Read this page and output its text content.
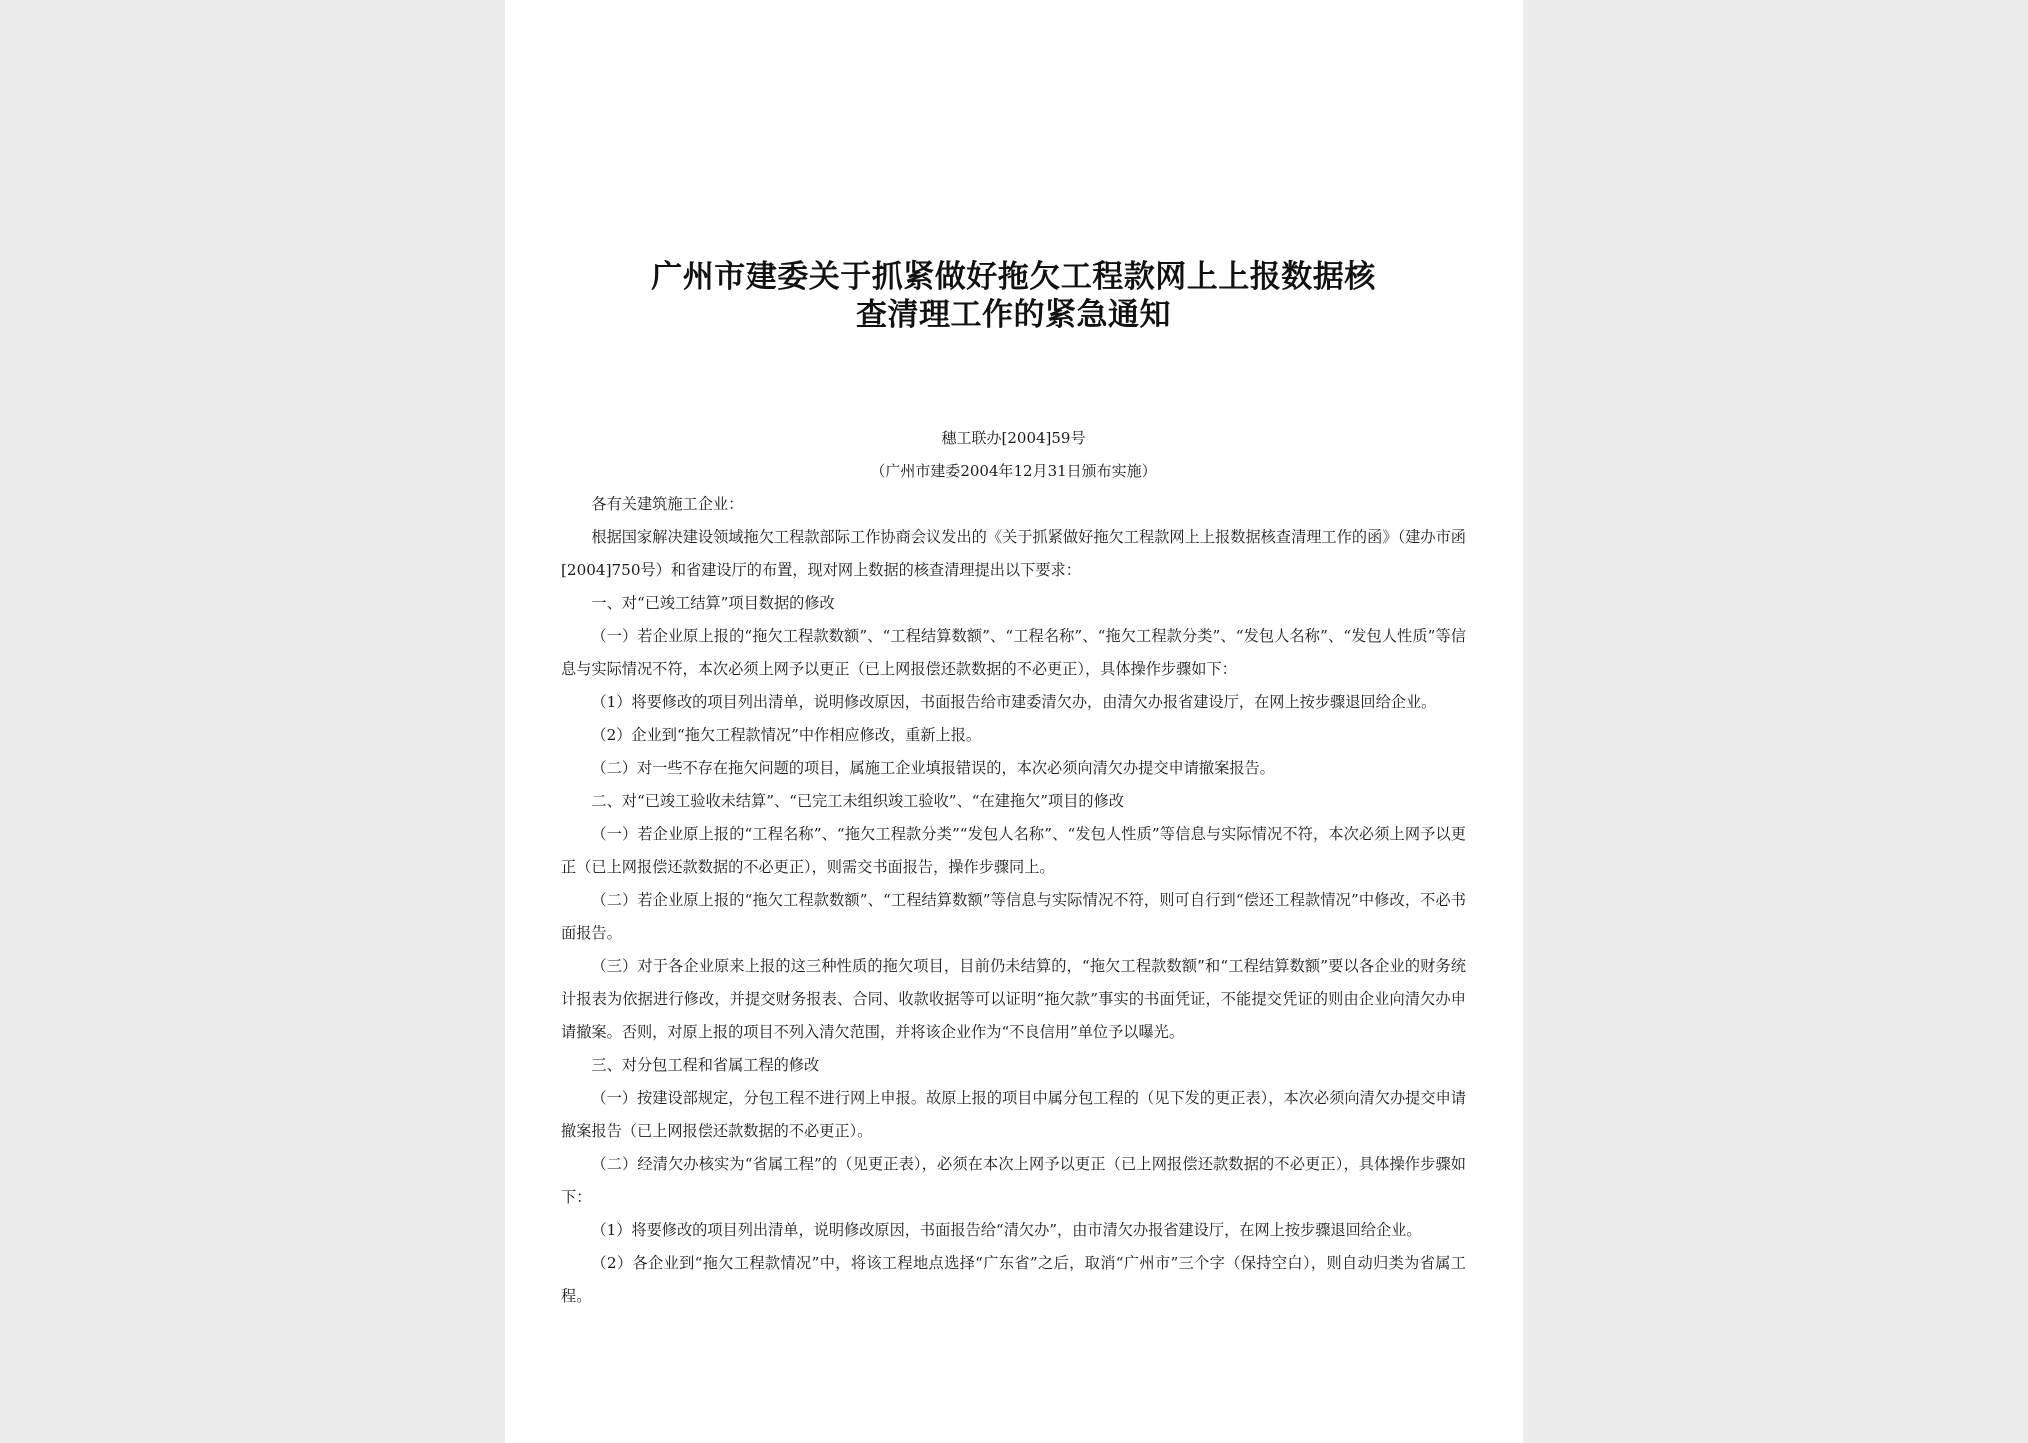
广州市建委关于抓紧做好拖欠工程款网上上报数据核
查清理工作的紧急通知
穗工联办[2004]59号
（广州市建委2004年12月31日颁布实施）

各有关建筑施工企业：

根据国家解决建设领域拖欠工程款部际工作协商会议发出的《关于抓紧做好拖欠工程款网上上报数据核查清理工作的函》（建办市函[2004]750号）和省建设厅的布置，现对网上数据的核查清理提出以下要求：

一、对“已竣工结算”项目数据的修改

（一）若企业原上报的“拖欠工程款数额”、“工程结算数额”、“工程名称”、“拖欠工程款分类”、“发包人名称”、“发包人性质”等信息与实际情况不符，本次必须上网予以更正（已上网报偿还款数据的不必更正），具体操作步骤如下：

（1）将要修改的项目列出清单，说明修改原因，书面报告给市建委清欠办，由清欠办报省建设厅，在网上按步骤退回给企业。

（2）企业到“拖欠工程款情况”中作相应修改，重新上报。

（二）对一些不存在拖欠问题的项目，属施工企业填报错误的，本次必须向清欠办提交申请撤案报告。

二、对“已竣工验收未结算”、“已完工未组织竣工验收”、“在建拖欠”项目的修改

（一）若企业原上报的“工程名称”、“拖欠工程款分类”“发包人名称”、“发包人性质”等信息与实际情况不符，本次必须上网予以更正（已上网报偿还款数据的不必更正），则需交书面报告，操作步骤同上。

（二）若企业原上报的“拖欠工程款数额”、“工程结算数额”等信息与实际情况不符，则可自行到“偿还工程款情况”中修改，不必书面报告。

（三）对于各企业原来上报的这三种性质的拖欠项目，目前仍未结算的，“拖欠工程款数额”和“工程结算数额”要以各企业的财务统计报表为依据进行修改，并提交财务报表、合同、收款收据等可以证明“拖欠款”事实的书面凭证，不能提交凭证的则由企业向清欠办申请撤案。否则，对原上报的项目不列入清欠范围，并将该企业作为“不良信用”单位予以曝光。

三、对分包工程和省属工程的修改

（一）按建设部规定，分包工程不进行网上申报。故原上报的项目中属分包工程的（见下发的更正表），本次必须向清欠办提交申请撤案报告（已上网报偿还款数据的不必更正）。

（二）经清欠办核实为“省属工程”的（见更正表），必须在本次上网予以更正（已上网报偿还款数据的不必更正），具体操作步骤如下：

（1）将要修改的项目列出清单，说明修改原因，书面报告给“清欠办”，由市清欠办报省建设厅，在网上按步骤退回给企业。

（2）各企业到“拖欠工程款情况”中，将该工程地点选择“广东省”之后，取消“广州市”三个字（保持空白），则自动归类为省属工程。
